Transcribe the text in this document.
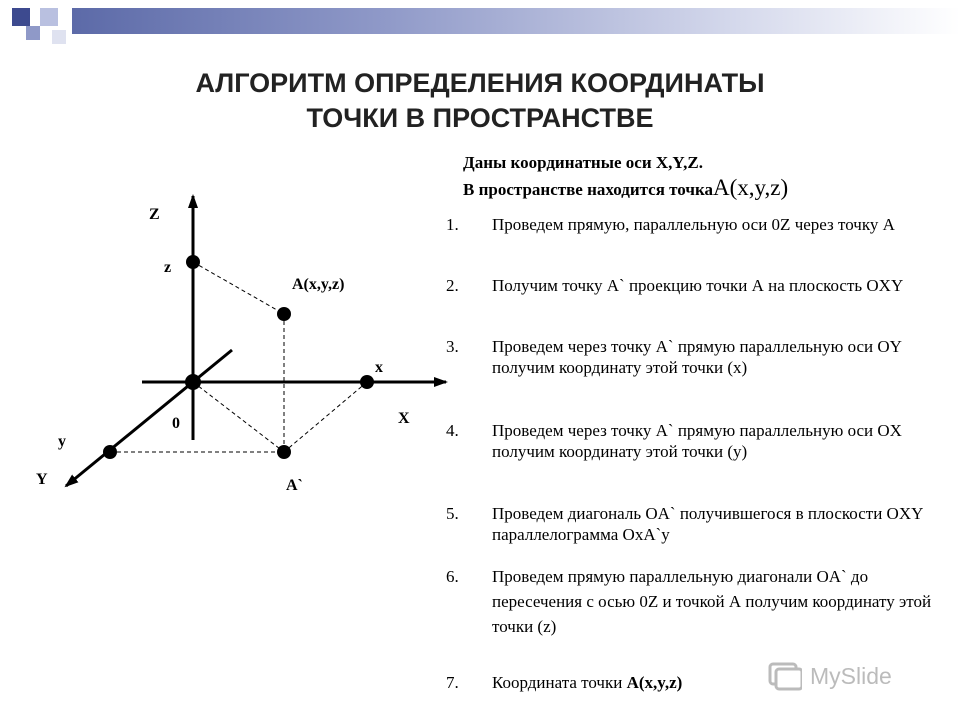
АЛГОРИТМ ОПРЕДЕЛЕНИЯ КООРДИНАТЫ
ТОЧКИ В ПРОСТРАНСТВЕ
Даны координатные оси X,Y,Z.
В пространстве находится точкаA(x,y,z)
1. Проведем прямую, параллельную оси 0Z через точку А
2. Получим точку А` проекцию точки А на плоскость OXY
3. Проведем через точку А` прямую параллельную оси OY получим координату этой точки (x)
4. Проведем через точку А` прямую параллельную оси OX получим координату этой точки (y)
5. Проведем диагональ OA` получившегося в плоскости OXY параллелограмма OxA`y
6. Проведем прямую параллельную диагонали OA` до пересечения с осью 0Z и точкой А получим координату этой точки (z)
7. Координата точки A(x,y,z)
Z
z
A(x,y,z)
x
X
0
y
Y	A`
MySlide
